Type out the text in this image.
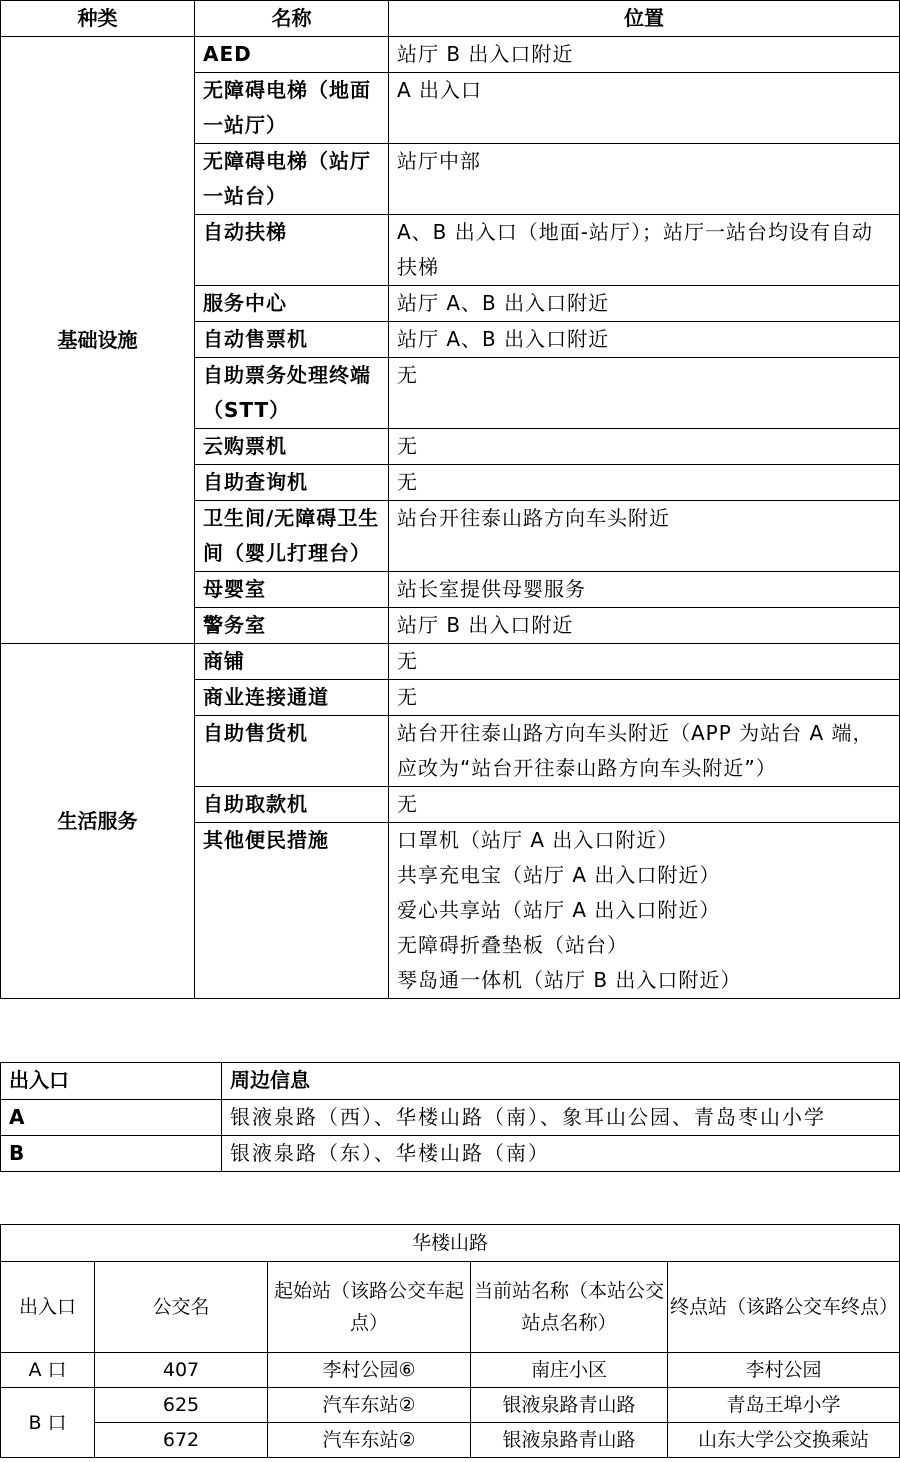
种类	名称	位置
基础设施	AED	站厅 B 出入口附近
	无障碍电梯（地面一站厅）	A 出入口
	无障碍电梯（站厅一站台）	站厅中部
	自动扶梯	A、B 出入口（地面-站厅）；站厅一站台均设有自动扶梯
	服务中心	站厅 A、B 出入口附近
	自动售票机	站厅 A、B 出入口附近
	自助票务处理终端（STT）	无
	云购票机	无
	自助查询机	无
	卫生间/无障碍卫生间（婴儿打理台）	站台开往泰山路方向车头附近
	母婴室	站长室提供母婴服务
	警务室	站厅 B 出入口附近
生活服务	商铺	无
	商业连接通道	无
	自助售货机	站台开往泰山路方向车头附近（APP 为站台 A 端，应改为“站台开往泰山路方向车头附近”）
	自助取款机	无
	其他便民措施	口罩机（站厅 A 出入口附近）
共享充电宝（站厅 A 出入口附近）
爱心共享站（站厅 A 出入口附近）
无障碍折叠垫板（站台）
琴岛通一体机（站厅 B 出入口附近）
出入口	周边信息
A	银液泉路（西）、华楼山路（南）、象耳山公园、青岛枣山小学
B	银液泉路（东）、华楼山路（南）
华楼山路				
出入口	公交名	起始站（该路公交车起点）	当前站名称（本站公交站点名称）	终点站（该路公交车终点）
A 口	407	李村公园⑥	南庄小区	李村公园
B 口	625	汽车东站②	银液泉路青山路	青岛王埠小学
	672	汽车东站②	银液泉路青山路	山东大学公交换乘站
